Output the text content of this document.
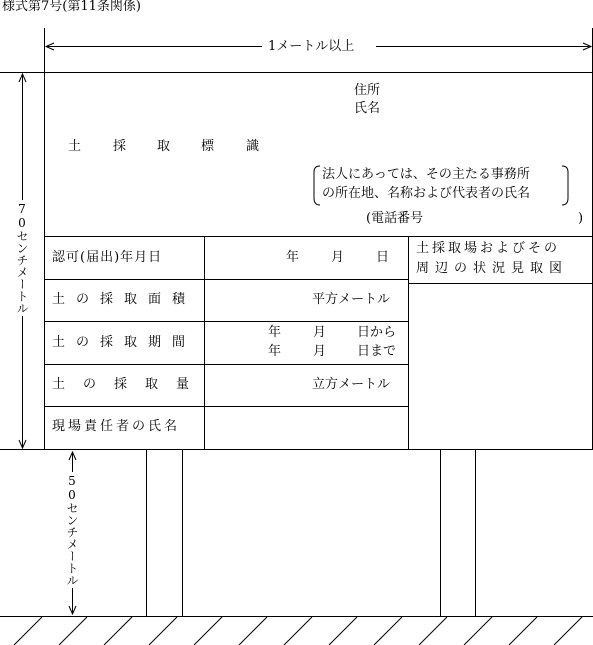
様式第7号(第11条関係)
1メートル以上
70センチメートル
50センチメートル
住所
氏名
土 採 取 標 識
法人にあっては、その主たる事務所
の所在地、名称および代表者の氏名
(電話番号	)
認可(届出)年月日
土の採取面積
土の採取期間
土の採取量
現場責任者の氏名
年 月 日
平方メートル
年 月 日から
年 月 日まで
立方メートル
土採取場およびその
周辺の状況見取図
